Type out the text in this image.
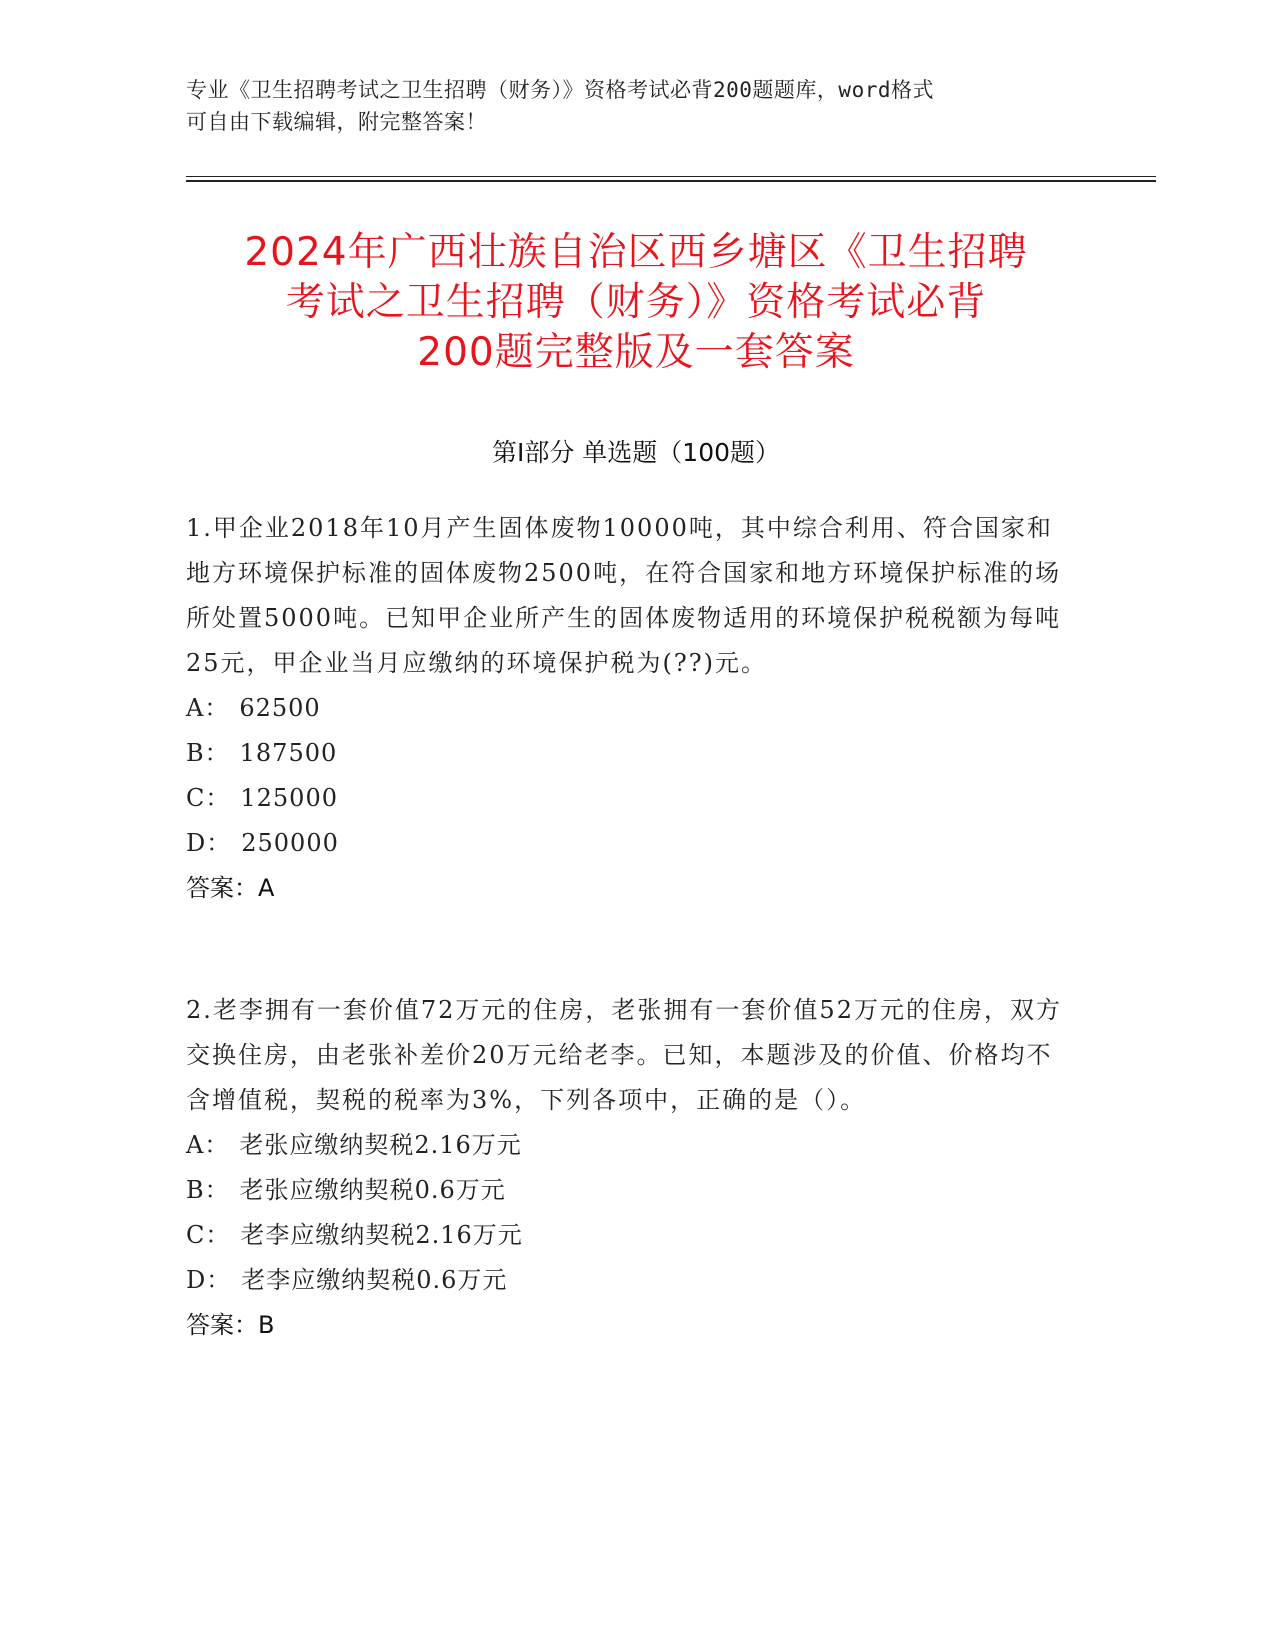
专业《卫生招聘考试之卫生招聘（财务）》资格考试必背200题题库，word格式
可自由下载编辑，附完整答案！
2024年广西壮族自治区西乡塘区《卫生招聘
考试之卫生招聘（财务）》资格考试必背
200题完整版及一套答案
第Ⅰ部分 单选题（100题）
1.甲企业2018年10月产生固体废物10000吨，其中综合利用、符合国家和地方环境保护标准的固体废物2500吨，在符合国家和地方环境保护标准的场所处置5000吨。已知甲企业所产生的固体废物适用的环境保护税税额为每吨25元，甲企业当月应缴纳的环境保护税为(??)元。
A： 62500
B： 187500
C： 125000
D： 250000
答案：A
2.老李拥有一套价值72万元的住房，老张拥有一套价值52万元的住房，双方交换住房，由老张补差价20万元给老李。已知，本题涉及的价值、价格均不含增值税，契税的税率为3%，下列各项中，正确的是（）。
A： 老张应缴纳契税2.16万元
B： 老张应缴纳契税0.6万元
C： 老李应缴纳契税2.16万元
D： 老李应缴纳契税0.6万元
答案：B
